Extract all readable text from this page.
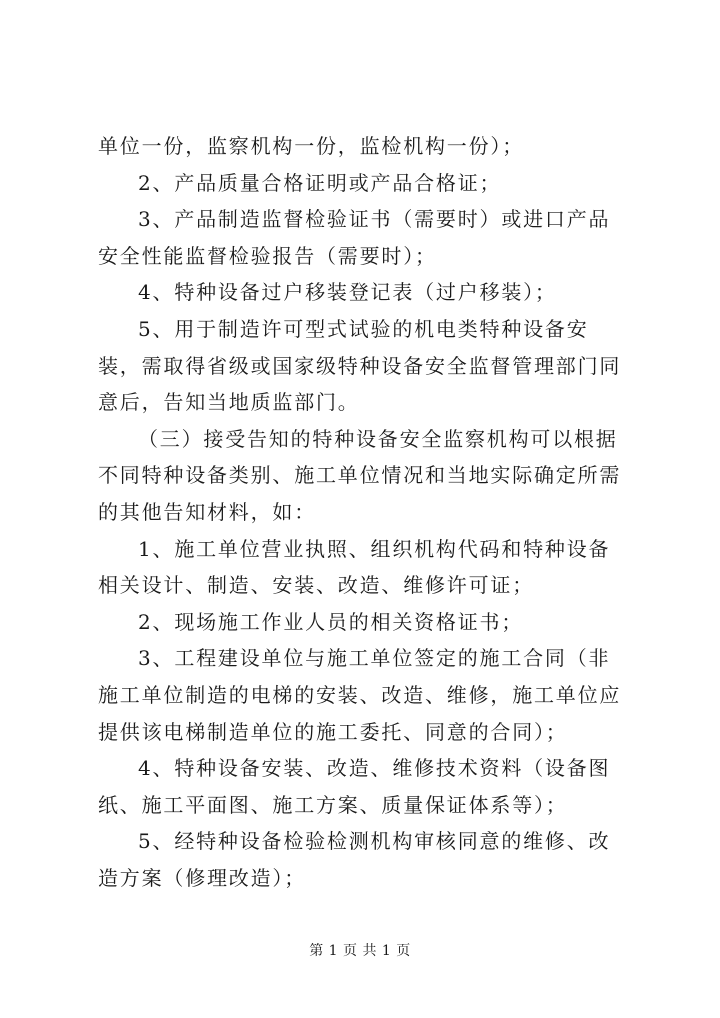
单位一份，监察机构一份，监检机构一份）；

2、产品质量合格证明或产品合格证；

3、产品制造监督检验证书（需要时）或进口产品安全性能监督检验报告（需要时）；

4、特种设备过户移装登记表（过户移装）；

5、用于制造许可型式试验的机电类特种设备安装，需取得省级或国家级特种设备安全监督管理部门同意后，告知当地质监部门。

（三）接受告知的特种设备安全监察机构可以根据不同特种设备类别、施工单位情况和当地实际确定所需的其他告知材料，如：

1、施工单位营业执照、组织机构代码和特种设备相关设计、制造、安装、改造、维修许可证；

2、现场施工作业人员的相关资格证书；

3、工程建设单位与施工单位签定的施工合同（非施工单位制造的电梯的安装、改造、维修，施工单位应提供该电梯制造单位的施工委托、同意的合同）；

4、特种设备安装、改造、维修技术资料（设备图纸、施工平面图、施工方案、质量保证体系等）；

5、经特种设备检验检测机构审核同意的维修、改造方案（修理改造）；

第 1 页 共 1 页
